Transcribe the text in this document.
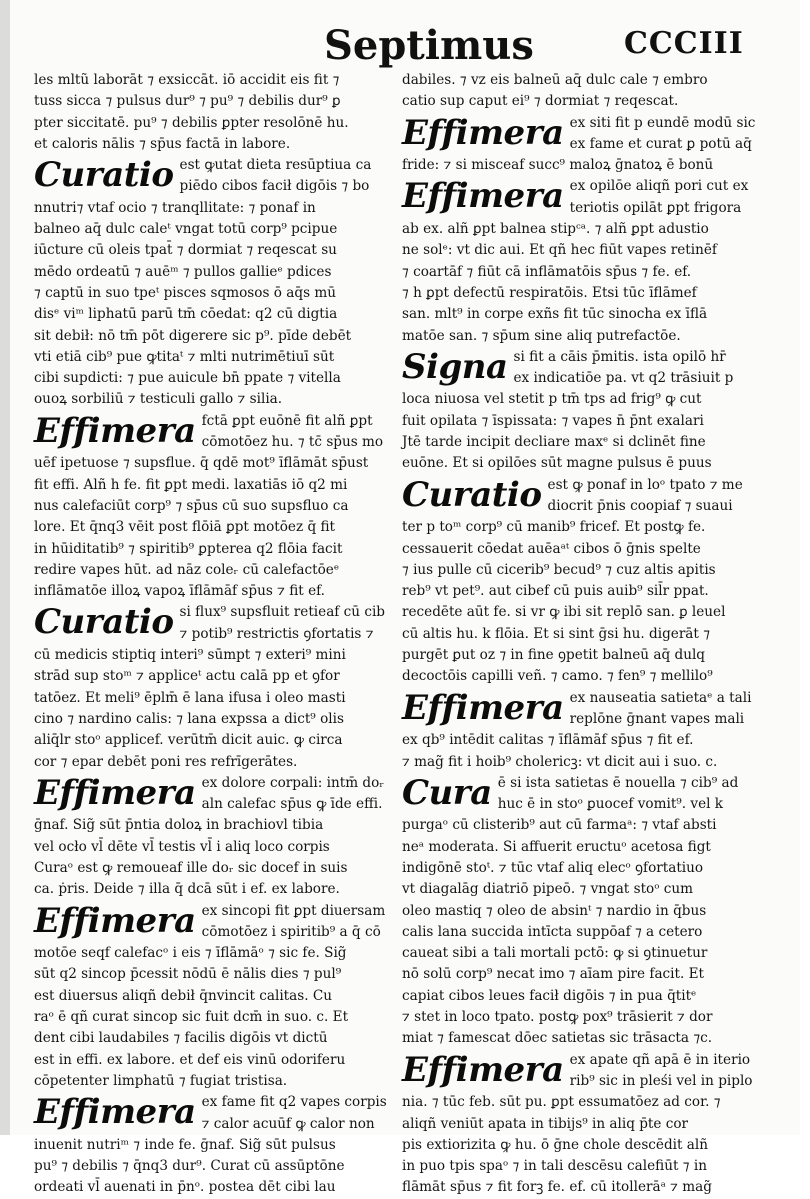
Septimus	CCCIII

les mltũ laborāt ⁊ exsiccāt. iō accidit eis fit ⁊
tuss sicca ⁊ pulsus dur⁹ ⁊ pu⁹ ⁊ debilis dur⁹ ꝑ
pter siccitatē. pu⁹ ⁊ debilis ꝑpter resolōnē hu.
et caloris nālis ⁊ sp̄us factā in labore.

Curatio est ꝙutat dieta resūptiua ca
piēdo cibos facił digōis ⁊ bo
nnutri⁊ vtaf ocio ⁊ tranqllitate: ⁊ ponaf in
balneo aq̄ dulc caleᵗ vngat totū corp⁹ pcipue
iūcture cū oleis tpat̄ ⁊ dormiat ⁊ reqescat su
mēdo ordeatū ⁊ auēᵐ ⁊ pullos gallieᵉ pdices
⁊ captū in suo tpeᵗ pisces sqmosos ō aq̄s mū
disᵉ viᵐ liphatū parū tm̄ cōedat: q2 cū digtia
sit debił: nō tm̄ pōt digerere sic p⁹. pīde debēt
vti etiā cib⁹ pue ꝙtitaᵗ ⁊ mlti nutrimētiuī sūt
cibi supdicti: ⁊ pue auicule bn̄ ppate ⁊ vitella
ouoꝝ sorbiliū ⁊ testiculi gallo ⁊ silia.

Effimera fctā ꝑpt euōnē fit alñ ꝑpt
cōmotōez hu. ⁊ tc̄ sp̄us mo
uēf ipetuose ⁊ supsflue. q̄ qdē mot⁹ īflāmāt sp̄ust
fit effi. Alñ h fe. fit ꝑpt medi. laxatiās iō q2 mi
nus calefaciūt corp⁹ ⁊ sp̄us cū suo supsfluo ca
lore. Et q̄nq3 vēit post flōiā ꝑpt motōez q̄ fit
in hūiditatib⁹ ⁊ spiritib⁹ ꝑpterea q2 flōia facit
redire vapes hūt. ad nāz coleᵣ cū calefactōeᵉ
inflāmatōe illoꝝ vapoꝝ īflāmāf sp̄us ⁊ fit ef.

Curatio si flux⁹ supsfluit retieaf cū cib
⁊ potib⁹ restrictis ꝯfortatis ⁊
cū medicis stiptiq interi⁹ sūmpt ⁊ exteri⁹ mini
strād sup stoᵐ ⁊ appliceᵗ actu calā pp et ꝯfor
tatōez. Et meli⁹ ēplm̄ ē lana ifusa i oleo masti
cino ⁊ nardino calis: ⁊ lana expssa a dict⁹ olis
aliq̄lr stoᵒ applicef. verūtm̄ dicit auic. ꝙ circa
cor ⁊ epar debēt poni res refrīgerātes.

Effimera ex dolore corpali: intm̄ doᵣ
aln calefac sp̄us ꝙ īde effi.
ḡnaf. Sig̃ sūt p̄ntia doloꝝ in brachiovl tibia
vel ocło vl̄ dēte vl̄ testis vl̄ i aliq loco corpis
Curaᵒ est ꝙ remoueaf ille doᵣ sic docef in suis
ca. ṗris. Deide ⁊ illa q̄ dcā sūt i ef. ex labore.

Effimera ex sincopi fit ꝑpt diuersam
cōmotōez i spiritib⁹ a q̄ cō
motōe seqf calefacᵒ i eis ⁊ īflāmāᵒ ⁊ sic fe. Sig̃
sūt q2 sincop p̄cessit nōdū ē nālis dies ⁊ pul⁹
est diuersus aliqñ debił q̄nvincit calitas. Cu
raᵒ ē qñ curat sincop sic fuit dcm̄ in suo. c. Et
dent cibi laudabiles ⁊ facilis digōis vt dictū
est in effi. ex labore. et def eis vinū odoriferu
cōpetenter limphatū ⁊ fugiat tristisa.

Effimera ex fame fit q2 vapes corpis
⁊ calor acuūf ꝙ calor non
inuenit nutriᵐ ⁊ inde fe. ḡnaf. Sig̃ sūt pulsus
pu⁹ ⁊ debilis ⁊ q̄nq3 dur⁹. Curat cū assūptōne
ordeati vl̄ auenati in p̄nᵒ. postea dēt cibi lau

dabiles. ⁊ vz eis balneū aq̄ dulc cale ⁊ embro
catio sup caput ei⁹ ⁊ dormiat ⁊ reqescat.

Effimera ex siti fit p eundē modū sic
ex fame et curat ꝑ potū aq̄
fride: ⁊ si misceaf succ⁹ maloꝝ ḡnatoꝝ ē bonū

Effimera ex opilōe aliqñ pori cut ex
teriotis opilāt ꝑpt frigora
ab ex. alñ ꝑpt balnea stipᶜᵃ. ⁊ alñ ꝑpt adustio
ne solᵉ: vt dic aui. Et qñ hec fiūt vapes retinēf
⁊ coartāf ⁊ fiūt cā inflāmatōis sp̄us ⁊ fe. ef.
⁊ h ꝑpt defectū respiratōis. Etsi tūc īflāmef
san. mlt⁹ in corpe exñs fit tūc sinocha ex īflā
matōe san. ⁊ sp̄um sine aliq putrefactōe.

Signa si fit a cāis p̄mitis. ista opilō hr̄
ex indicatiōe pa. vt q2 trāsiuit p
loca niuosa vel stetit p tm̄ tps ad frig⁹ ꝙ cut
fuit opilata ⁊ īspissata: ⁊ vapes n̄ p̄nt exalari
Jtē tarde incipit decliare maxᵉ si dclinēt fine
euōne. Et si opilōes sūt magne pulsus ē puus

Curatio est ꝙ ponaf in loᵒ tpato ⁊ me
diocrit p̄nis coopiaf ⁊ suaui
ter p toᵐ corp⁹ cū manib⁹ fricef. Et postꝙ fe.
cessauerit cōedat auēaᵃᵗ cibos ō ḡnis spelte
⁊ ius pulle cū cicerib⁹ becud⁹ ⁊ cuz altis apitis
reb⁹ vt pet⁹. aut cibef cū puis auib⁹ sil̄r ppat.
recedēte aūt fe. si vr ꝙ ibi sit replō san. ꝑ leuel
cū altis hu. k flōia. Et si sint ḡsi hu. digerāt ⁊
purgēt ꝑut oz ⁊ in fine ꝯpetit balneū aq̄ dulq
decoctōis capilli veñ. ⁊ camo. ⁊ fen⁹ ⁊ mellilo⁹

Effimera ex nauseatia satietaᵉ a tali
replōne ḡnant vapes mali
ex qb⁹ intēdit calitas ⁊ īflāmāf sp̄us ⁊ fit ef.
⁊ mag̃ fit i hoib⁹ cholericꝫ: vt dicit aui i suo. c.

Cura ē si ista satietas ē nouella ⁊ cib⁹ ad
huc ē in stoᵒ ꝑuocef vomit⁹. vel k
purgaᵒ cū clisterib⁹ aut cū farmaᵃ: ⁊ vtaf absti
neᵃ moderata. Si affuerit eructuᵒ acetosa figt
indigōnē stoᵗ. ⁊ tūc vtaf aliq elecᵒ ꝯfortatiuo
vt diagalāg diatriō pipeō. ⁊ vngat stoᵒ cum
oleo mastiq ⁊ oleo de absinᵗ ⁊ nardio in q̄bus
calis lana succida intīcta suppōaf ⁊ a cetero
caueat sibi a tali mortali pctō: ꝙ si ꝯtinuetur
nō solū corp⁹ necat imo ⁊ aīam pire facit. Et
capiat cibos leues facił digōis ⁊ in pua q̄titᵉ
⁊ stet in loco tpato. postꝙ pox⁹ trāsierit ⁊ dor
miat ⁊ famescat dōec satietas sic trāsacta ⁊c.

Effimera ex apate qñ apā ē in iterio
rib⁹ sic in pleśi vel in piplo
nia. ⁊ tūc feb. sūt pu. ꝑpt essumatōez ad cor. ⁊
aliqñ veniūt apata in tibijs⁹ in aliq p̄te cor
pis extiorizita ꝙ hu. ō ḡne chole descēdit alñ
in puo tpis spaᵒ ⁊ in tali descēsu calefiūt ⁊ in
flāmāt sp̄us ⁊ fit forꝫ fe. ef. cū itollerāᵃ ⁊ mag̃
